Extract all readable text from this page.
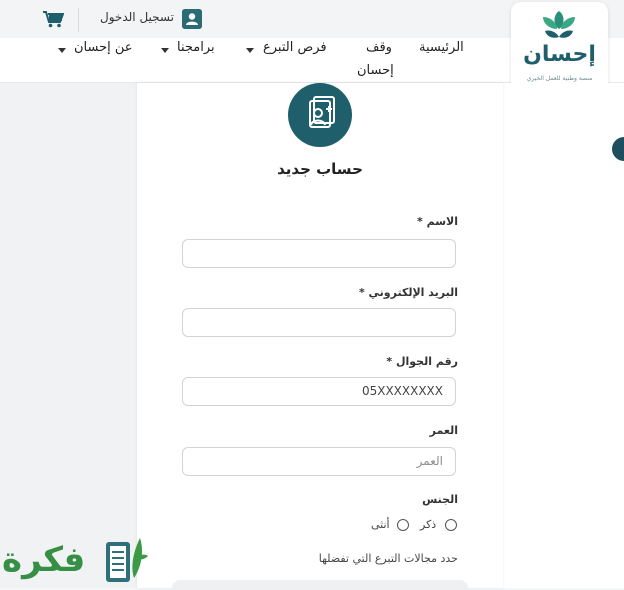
تسجيل الدخول
إحسان
منصة وطنية للعمل الخيري
الرئيسية
وقف
إحسان
فرص التبرع
برامجنا
عن إحسان
حساب جديد
الاسم *
البريد الإلكتروني *
رقم الجوال *
05XXXXXXXX
العمر
العمر
الجنس
ذكر
أنثى
حدد مجالات التبرع التي تفضلها
فكرة
